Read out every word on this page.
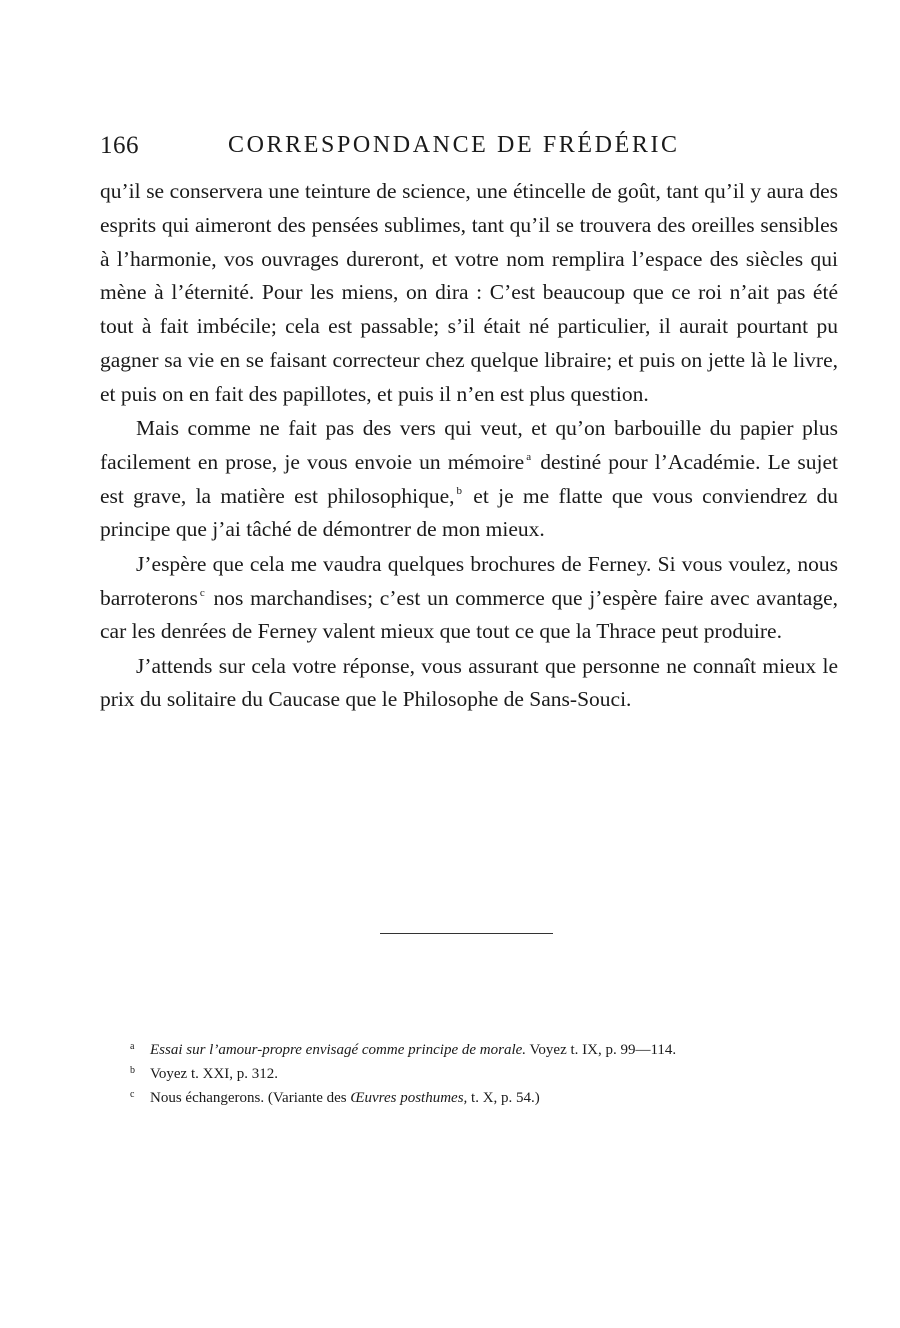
166	CORRESPONDANCE DE FRÉDÉRIC

qu’il se conservera une teinture de science, une étincelle de goût, tant qu’il y aura des esprits qui aimeront des pensées sublimes, tant qu’il se trouvera des oreilles sensibles à l’harmonie, vos ouvrages dureront, et votre nom remplira l’espace des siècles qui mène à l’éternité. Pour les miens, on dira : C’est beaucoup que ce roi n’ait pas été tout à fait imbécile; cela est passable; s’il était né particulier, il aurait pourtant pu gagner sa vie en se faisant correcteur chez quelque libraire; et puis on jette là le livre, et puis on en fait des papillotes, et puis il n’en est plus question.

Mais comme ne fait pas des vers qui veut, et qu’on barbouille du papier plus facilement en prose, je vous envoie un mémoire $^a$ destiné pour l’Académie. Le sujet est grave, la matière est philosophique, $^b$ et je me flatte que vous conviendrez du principe que j’ai tâché de démontrer de mon mieux.

J’espère que cela me vaudra quelques brochures de Ferney. Si vous voulez, nous barroterons $^c$ nos marchandises; c’est un commerce que j’espère faire avec avantage, car les denrées de Ferney valent mieux que tout ce que la Thrace peut produire.

J’attends sur cela votre réponse, vous assurant que personne ne connaît mieux le prix du solitaire du Caucase que le Philosophe de Sans-Souci.

a Essai sur l’amour-propre envisagé comme principe de morale. Voyez t. IX, p. 99—114.
b Voyez t. XXI, p. 312.
c Nous échangerons. (Variante des Œuvres posthumes, t. X, p. 54.)
